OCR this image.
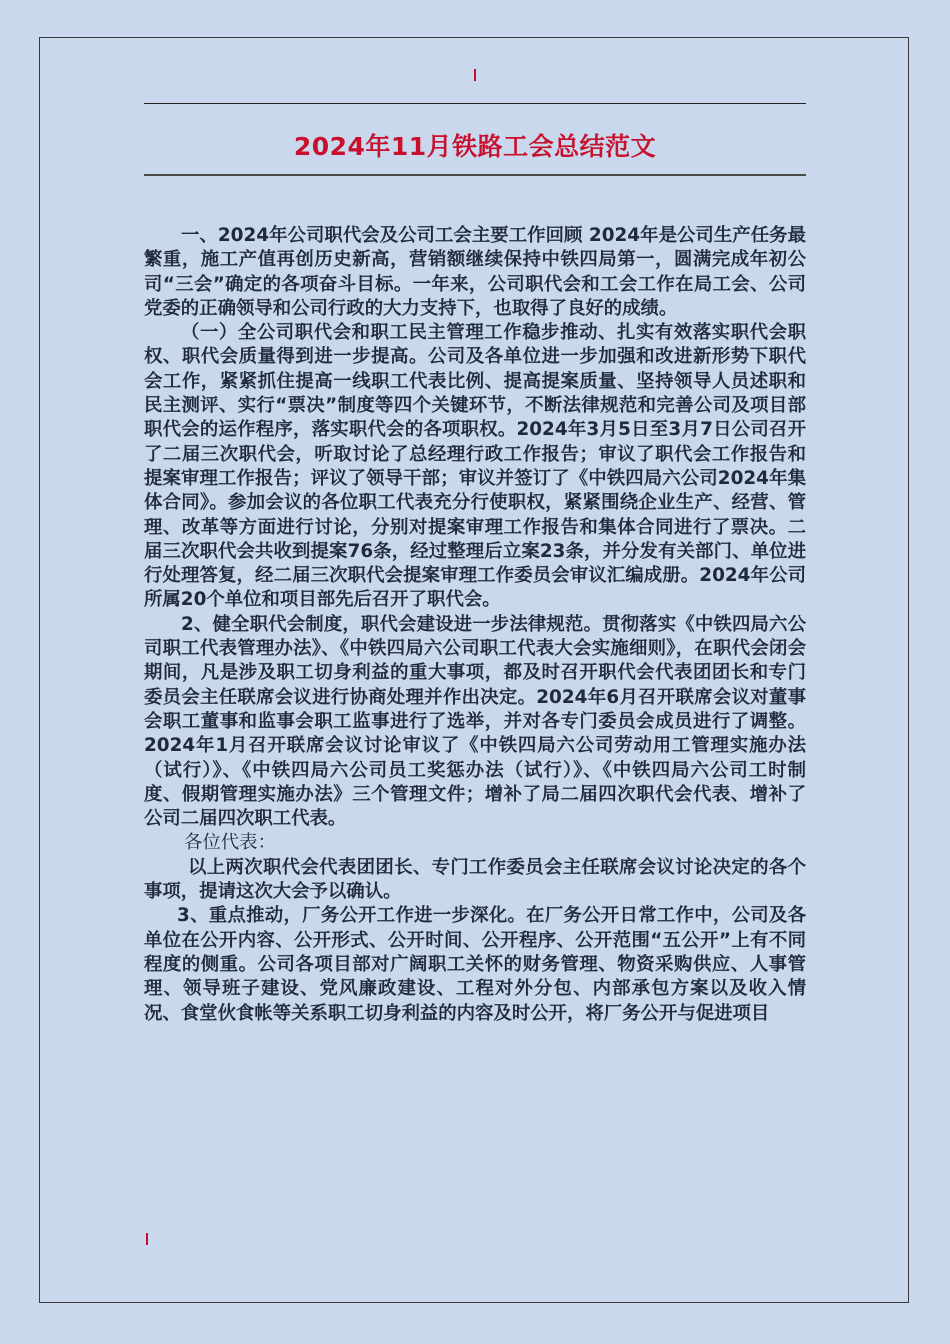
2024年11月铁路工会总结范文

一、2024年公司职代会及公司工会主要工作回顾 2024年是公司生产任务最繁重，施工产值再创历史新高，营销额继续保持中铁四局第一，圆满完成年初公司“三会”确定的各项奋斗目标。一年来，公司职代会和工会工作在局工会、公司党委的正确领导和公司行政的大力支持下，也取得了良好的成绩。

（一）全公司职代会和职工民主管理工作稳步推动、扎实有效落实职代会职权、职代会质量得到进一步提高。公司及各单位进一步加强和改进新形势下职代会工作，紧紧抓住提高一线职工代表比例、提高提案质量、坚持领导人员述职和民主测评、实行“票决”制度等四个关键环节，不断法律规范和完善公司及项目部职代会的运作程序，落实职代会的各项职权。2024年3月5日至3月7日公司召开了二届三次职代会，听取讨论了总经理行政工作报告；审议了职代会工作报告和提案审理工作报告；评议了领导干部；审议并签订了《中铁四局六公司2024年集体合同》。参加会议的各位职工代表充分行使职权，紧紧围绕企业生产、经营、管理、改革等方面进行讨论，分别对提案审理工作报告和集体合同进行了票决。二届三次职代会共收到提案76条，经过整理后立案23条，并分发有关部门、单位进行处理答复，经二届三次职代会提案审理工作委员会审议汇编成册。2024年公司所属20个单位和项目部先后召开了职代会。

2、健全职代会制度，职代会建设进一步法律规范。贯彻落实《中铁四局六公司职工代表管理办法》、《中铁四局六公司职工代表大会实施细则》，在职代会闭会期间，凡是涉及职工切身利益的重大事项，都及时召开职代会代表团团长和专门委员会主任联席会议进行协商处理并作出决定。2024年6月召开联席会议对董事会职工董事和监事会职工监事进行了选举，并对各专门委员会成员进行了调整。2024年1月召开联席会议讨论审议了《中铁四局六公司劳动用工管理实施办法（试行）》、《中铁四局六公司员工奖惩办法（试行）》、《中铁四局六公司工时制度、假期管理实施办法》三个管理文件；增补了局二届四次职代会代表、增补了公司二届四次职工代表。

各位代表：

以上两次职代会代表团团长、专门工作委员会主任联席会议讨论决定的各个事项，提请这次大会予以确认。

3、重点推动，厂务公开工作进一步深化。在厂务公开日常工作中，公司及各单位在公开内容、公开形式、公开时间、公开程序、公开范围“五公开”上有不同程度的侧重。公司各项目部对广阔职工关怀的财务管理、物资采购供应、人事管理、领导班子建设、党风廉政建设、工程对外分包、内部承包方案以及收入情况、食堂伙食帐等关系职工切身利益的内容及时公开，将厂务公开与促进项目
